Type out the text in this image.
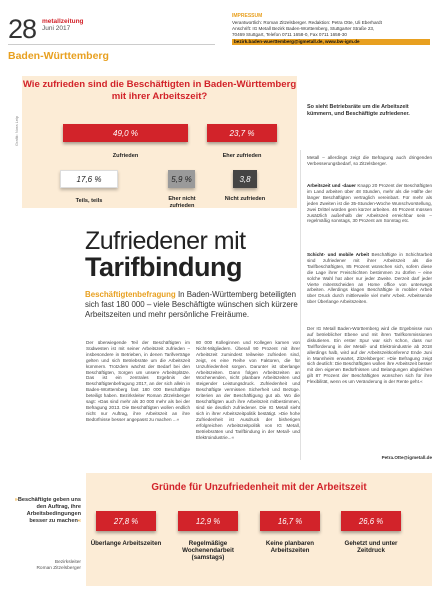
28 metallzeitung
Juni 2017
Baden-Württemberg
IMPRESSUM
Verantwortlich: Roman Zitzelsberger. Redaktion: Petra Otte, Uli Eberhardt
Anschrift: IG Metall Bezirk Baden-Württemberg, Stuttgarter Straße 23,
70469 Stuttgart, Telefon 0711 1658-0, Fax 0711 1658-30
bezirk.baden-wuerttemberg@igmetall.de, www.bw-igm.de
Wie zufrieden sind die Beschäftigten in Baden-Württemberg mit ihrer Arbeitszeit?
49,0 %	23,7 %
Zufrieden	Eher zufrieden
17,6 %	5,9 %	3,8
Teils, teils	Eher nicht zufrieden
Nicht zufrieden
Grafik: Nora Leip
So sieht Betriebsräte um die Arbeitszeit kümmern, und Beschäftigte zufriedener.
Metall – allerdings zeigt die Befragung auch dringenden Verbesserungsbedarf, so Zitzelsberger.
Arbeitszeit und -dauer Knapp 20 Prozent der Beschäftigten im Land arbeiten über 48 Stunden, mehr als die Hälfte der länger Beschäftigten vertraglich vereinbart. Für mehr als jeden Zweiten ist die 35-Stunden-Woche Wunschvorstellung, zwei Drittel würden gern kürzer arbeiten. 46 Prozent müssen zusätzlich außerhalb der Arbeitszeit erreichbar sein – regelmäßig sonntags, 30 Prozent am Sonntag etc.
Schicht- und mobile Arbeit Beschäftigte in Schichtarbeit sind zufriedener mit ihrer Arbeitszeit als die Tarifbeschäftigten, 85 Prozent wünschen sich, sofern diese die Lage ihrer Freischichten bestimmen zu dürfen – eine solche Wahl hat aber nur jeder Zweite. Derzeit darf jeder Vierte mitentscheiden an Home office von unterwegs arbeiten. Allerdings klagen Beschäftigte in mobiler Arbeit über Druck durch mittlerweile viel mehr Arbeit. Arbeitsende über Überlange Arbeitszeiten.
Der IG Metall Baden-Württemberg wird die Ergebnisse nun auf betrieblicher Ebene und mit ihren Tarifkommissionen diskutieren. Ein erster Spur war sich schon, dass nur Tarifforderung in der Metall- und Elektroindustrie ab 2018 allerdings halb, wird auf der Arbeitszeitkonferenz Ende Juni in Mannheim erwartet, Zitzelsberger: »Die Befragung zeigt sich deutlich: Die Beschäftigten wollen ihre Arbeitszeit besser mit den eigenen Bedürfnissen und Belangungen abgleichen gilt 87 Prozent der Beschäftigten wünschen sich für ihre Flexibilität, wenn es um Veränderung in der Rente geht.«
Petra.Otte@igmetall.de
Zufriedener mit
Tarifbindung
Beschäftigtenbefragung In Baden-Württemberg beteiligten sich fast 180 000 – viele Beschäftigte wünschen sich kürzere Arbeitszeiten und mehr persönliche Freiräume.
Der überwiegende Teil der Beschäftigten im Südwesten ist mit seiner Arbeitszeit zufrieden – insbesondere in Betrieben, in denen Tarifverträge gelten und sich Betriebsräte um die Arbeitszeit kümmern. Trotzdem wächst der Bedarf bei den Beschäftigten, Sorgen um unsere Arbeitsplätze. Das ist ein zentrales Ergebnis der Beschäftigtenbefragung 2017, an der sich allein in Baden-Württemberg fast 180 000 Beschäftigte beteiligt haben. Bezirksleiter Roman Zitzelsberger sagt: »Das sind mehr als 30 000 mehr als bei der Befragung 2013. Die Beschäftigten wollen endlich nicht nur Auftrag, ihre Arbeitszeit an ihre Bedürfnisse besser angepasst zu machen ...«
80 000 Kolleginnen und Kollegen kamen von Nicht-Mitgliedern. Überall 90 Prozent mit ihrer Arbeitszeit zumindest teilweise zufrieden sind, zeigt, es eine Reihe von Faktoren, die für Unzufriedenheit sorgen. Darunter ist überlange Arbeitszeiten. Dann folgen Arbeitszeiten an Wochenenden, nicht planbare Arbeitszeiten und steigender Leistungsdruck. Zufriedenheit und Beschäftigte vermissen Sicherheit und Bezüge. Kriterien an der Beschäftigung gut ab. Wo die Beschäftigten auch ihre Arbeitszeit mitbestimmen, sind sie deutlich zufriedener. Die IG Metall sieht sich in ihrer Arbeitszeitpolitik bestätigt. »Die hohe Zufriedenheit ist Ausdruck der bisherigen erfolgreichen Arbeitszeitpolitik von IG Metall, Betriebsräten und Tarifbindung in der Metall- und Elektroindustrie...«
Gründe für Unzufriedenheit mit der Arbeitszeit
27,8 %	12,9 %	16,7 %	26,6 %
Überlange Arbeitszeiten	Regelmäßige Wochenendarbeit (samstags)
Keine planbaren Arbeitszeiten
Gehetzt und unter Zeitdruck
»Beschäftigte geben uns den Auftrag, ihre Arbeitsbedingungen besser zu machen«
Bezirksleiter
Roman Zitzelsberger
